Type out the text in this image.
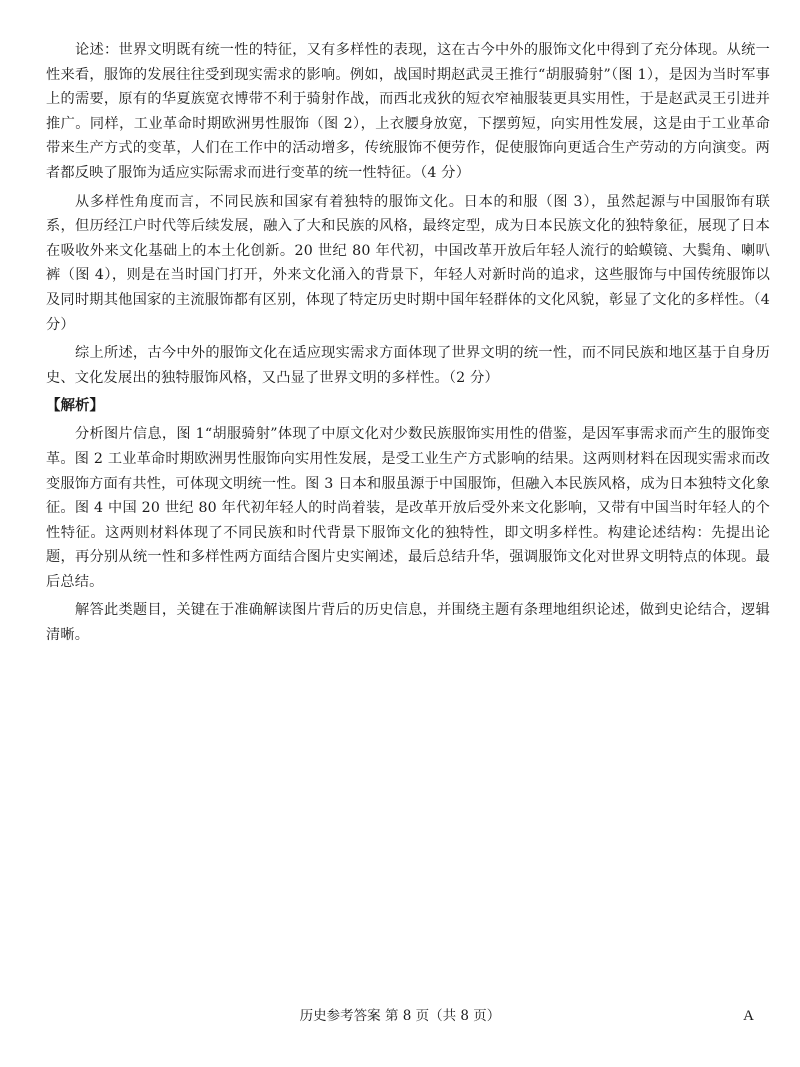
论述：世界文明既有统一性的特征，又有多样性的表现，这在古今中外的服饰文化中得到了充分体现。从统一性来看，服饰的发展往往受到现实需求的影响。例如，战国时期赵武灵王推行“胡服骑射”（图 1），是因为当时军事上的需要，原有的华夏族宽衣博带不利于骑射作战，而西北戎狄的短衣窄袖服装更具实用性，于是赵武灵王引进并推广。同样，工业革命时期欧洲男性服饰（图 2），上衣腰身放宽，下摆剪短，向实用性发展，这是由于工业革命带来生产方式的变革，人们在工作中的活动增多，传统服饰不便劳作，促使服饰向更适合生产劳动的方向演变。两者都反映了服饰为适应实际需求而进行变革的统一性特征。（4 分）

从多样性角度而言，不同民族和国家有着独特的服饰文化。日本的和服（图 3），虽然起源与中国服饰有联系，但历经江户时代等后续发展，融入了大和民族的风格，最终定型，成为日本民族文化的独特象征，展现了日本在吸收外来文化基础上的本土化创新。20 世纪 80 年代初，中国改革开放后年轻人流行的蛤蟆镜、大鬓角、喇叭裤（图 4），则是在当时国门打开，外来文化涌入的背景下，年轻人对新时尚的追求，这些服饰与中国传统服饰以及同时期其他国家的主流服饰都有区别，体现了特定历史时期中国年轻群体的文化风貌，彰显了文化的多样性。（4 分）

综上所述，古今中外的服饰文化在适应现实需求方面体现了世界文明的统一性，而不同民族和地区基于自身历史、文化发展出的独特服饰风格，又凸显了世界文明的多样性。（2 分）

【解析】

分析图片信息，图 1“胡服骑射”体现了中原文化对少数民族服饰实用性的借鉴，是因军事需求而产生的服饰变革。图 2 工业革命时期欧洲男性服饰向实用性发展，是受工业生产方式影响的结果。这两则材料在因现实需求而改变服饰方面有共性，可体现文明统一性。图 3 日本和服虽源于中国服饰，但融入本民族风格，成为日本独特文化象征。图 4 中国 20 世纪 80 年代初年轻人的时尚着装，是改革开放后受外来文化影响，又带有中国当时年轻人的个性特征。这两则材料体现了不同民族和时代背景下服饰文化的独特性，即文明多样性。构建论述结构：先提出论题，再分别从统一性和多样性两方面结合图片史实阐述，最后总结升华，强调服饰文化对世界文明特点的体现。最后总结。

解答此类题目，关键在于准确解读图片背后的历史信息，并围绕主题有条理地组织论述，做到史论结合，逻辑清晰。

历史参考答案 第 8 页（共 8 页）	A
